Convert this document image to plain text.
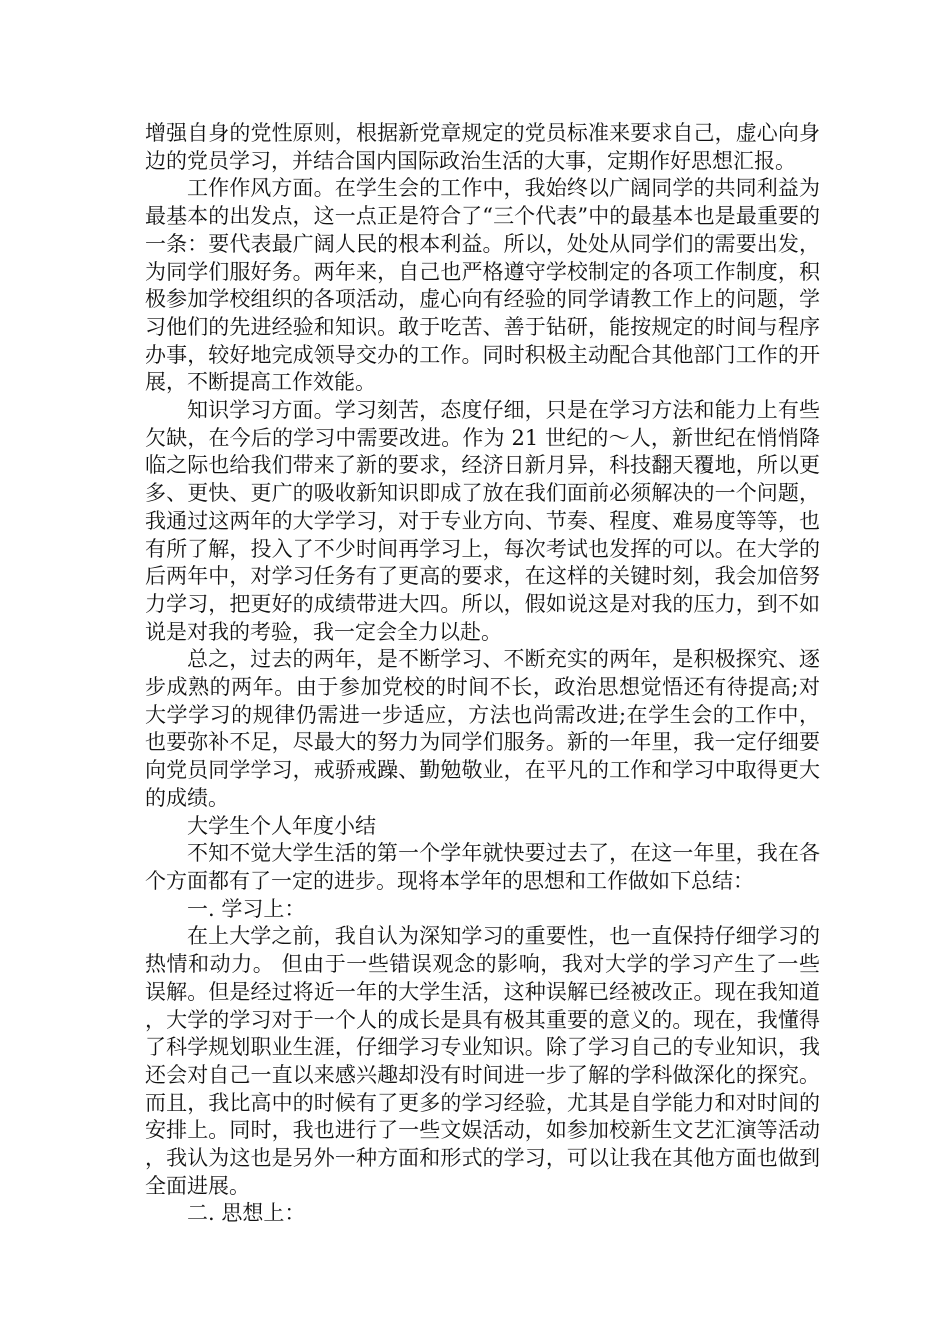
增强自身的党性原则，根据新党章规定的党员标准来要求自己，虚心向身边的党员学习，并结合国内国际政治生活的大事，定期作好思想汇报。

工作作风方面。在学生会的工作中，我始终以广阔同学的共同利益为最基本的出发点，这一点正是符合了“三个代表”中的最基本也是最重要的一条：要代表最广阔人民的根本利益。所以，处处从同学们的需要出发，为同学们服好务。两年来，自己也严格遵守学校制定的各项工作制度，积极参加学校组织的各项活动，虚心向有经验的同学请教工作上的问题，学习他们的先进经验和知识。敢于吃苦、善于钻研，能按规定的时间与程序办事，较好地完成领导交办的工作。同时积极主动配合其他部门工作的开展，不断提高工作效能。

知识学习方面。学习刻苦，态度仔细，只是在学习方法和能力上有些欠缺，在今后的学习中需要改进。作为 21 世纪的～人，新世纪在悄悄降临之际也给我们带来了新的要求，经济日新月异，科技翻天覆地，所以更多、更快、更广的吸收新知识即成了放在我们面前必须解决的一个问题，我通过这两年的大学学习，对于专业方向、节奏、程度、难易度等等，也有所了解，投入了不少时间再学习上，每次考试也发挥的可以。在大学的后两年中，对学习任务有了更高的要求，在这样的关键时刻，我会加倍努力学习，把更好的成绩带进大四。所以，假如说这是对我的压力，到不如说是对我的考验，我一定会全力以赴。

总之，过去的两年，是不断学习、不断充实的两年，是积极探究、逐步成熟的两年。由于参加党校的时间不长，政治思想觉悟还有待提高;对大学学习的规律仍需进一步适应，方法也尚需改进;在学生会的工作中，也要弥补不足，尽最大的努力为同学们服务。新的一年里，我一定仔细要向党员同学学习，戒骄戒躁、勤勉敬业，在平凡的工作和学习中取得更大的成绩。

大学生个人年度小结

不知不觉大学生活的第一个学年就快要过去了，在这一年里，我在各个方面都有了一定的进步。现将本学年的思想和工作做如下总结：

一. 学习上：

在上大学之前，我自认为深知学习的重要性，也一直保持仔细学习的热情和动力。 但由于一些错误观念的影响，我对大学的学习产生了一些误解。但是经过将近一年的大学生活，这种误解已经被改正。现在我知道，大学的学习对于一个人的成长是具有极其重要的意义的。现在，我懂得了科学规划职业生涯，仔细学习专业知识。除了学习自己的专业知识，我还会对自己一直以来感兴趣却没有时间进一步了解的学科做深化的探究。而且，我比高中的时候有了更多的学习经验，尤其是自学能力和对时间的安排上。同时，我也进行了一些文娱活动，如参加校新生文艺汇演等活动，我认为这也是另外一种方面和形式的学习，可以让我在其他方面也做到全面进展。

二. 思想上：
